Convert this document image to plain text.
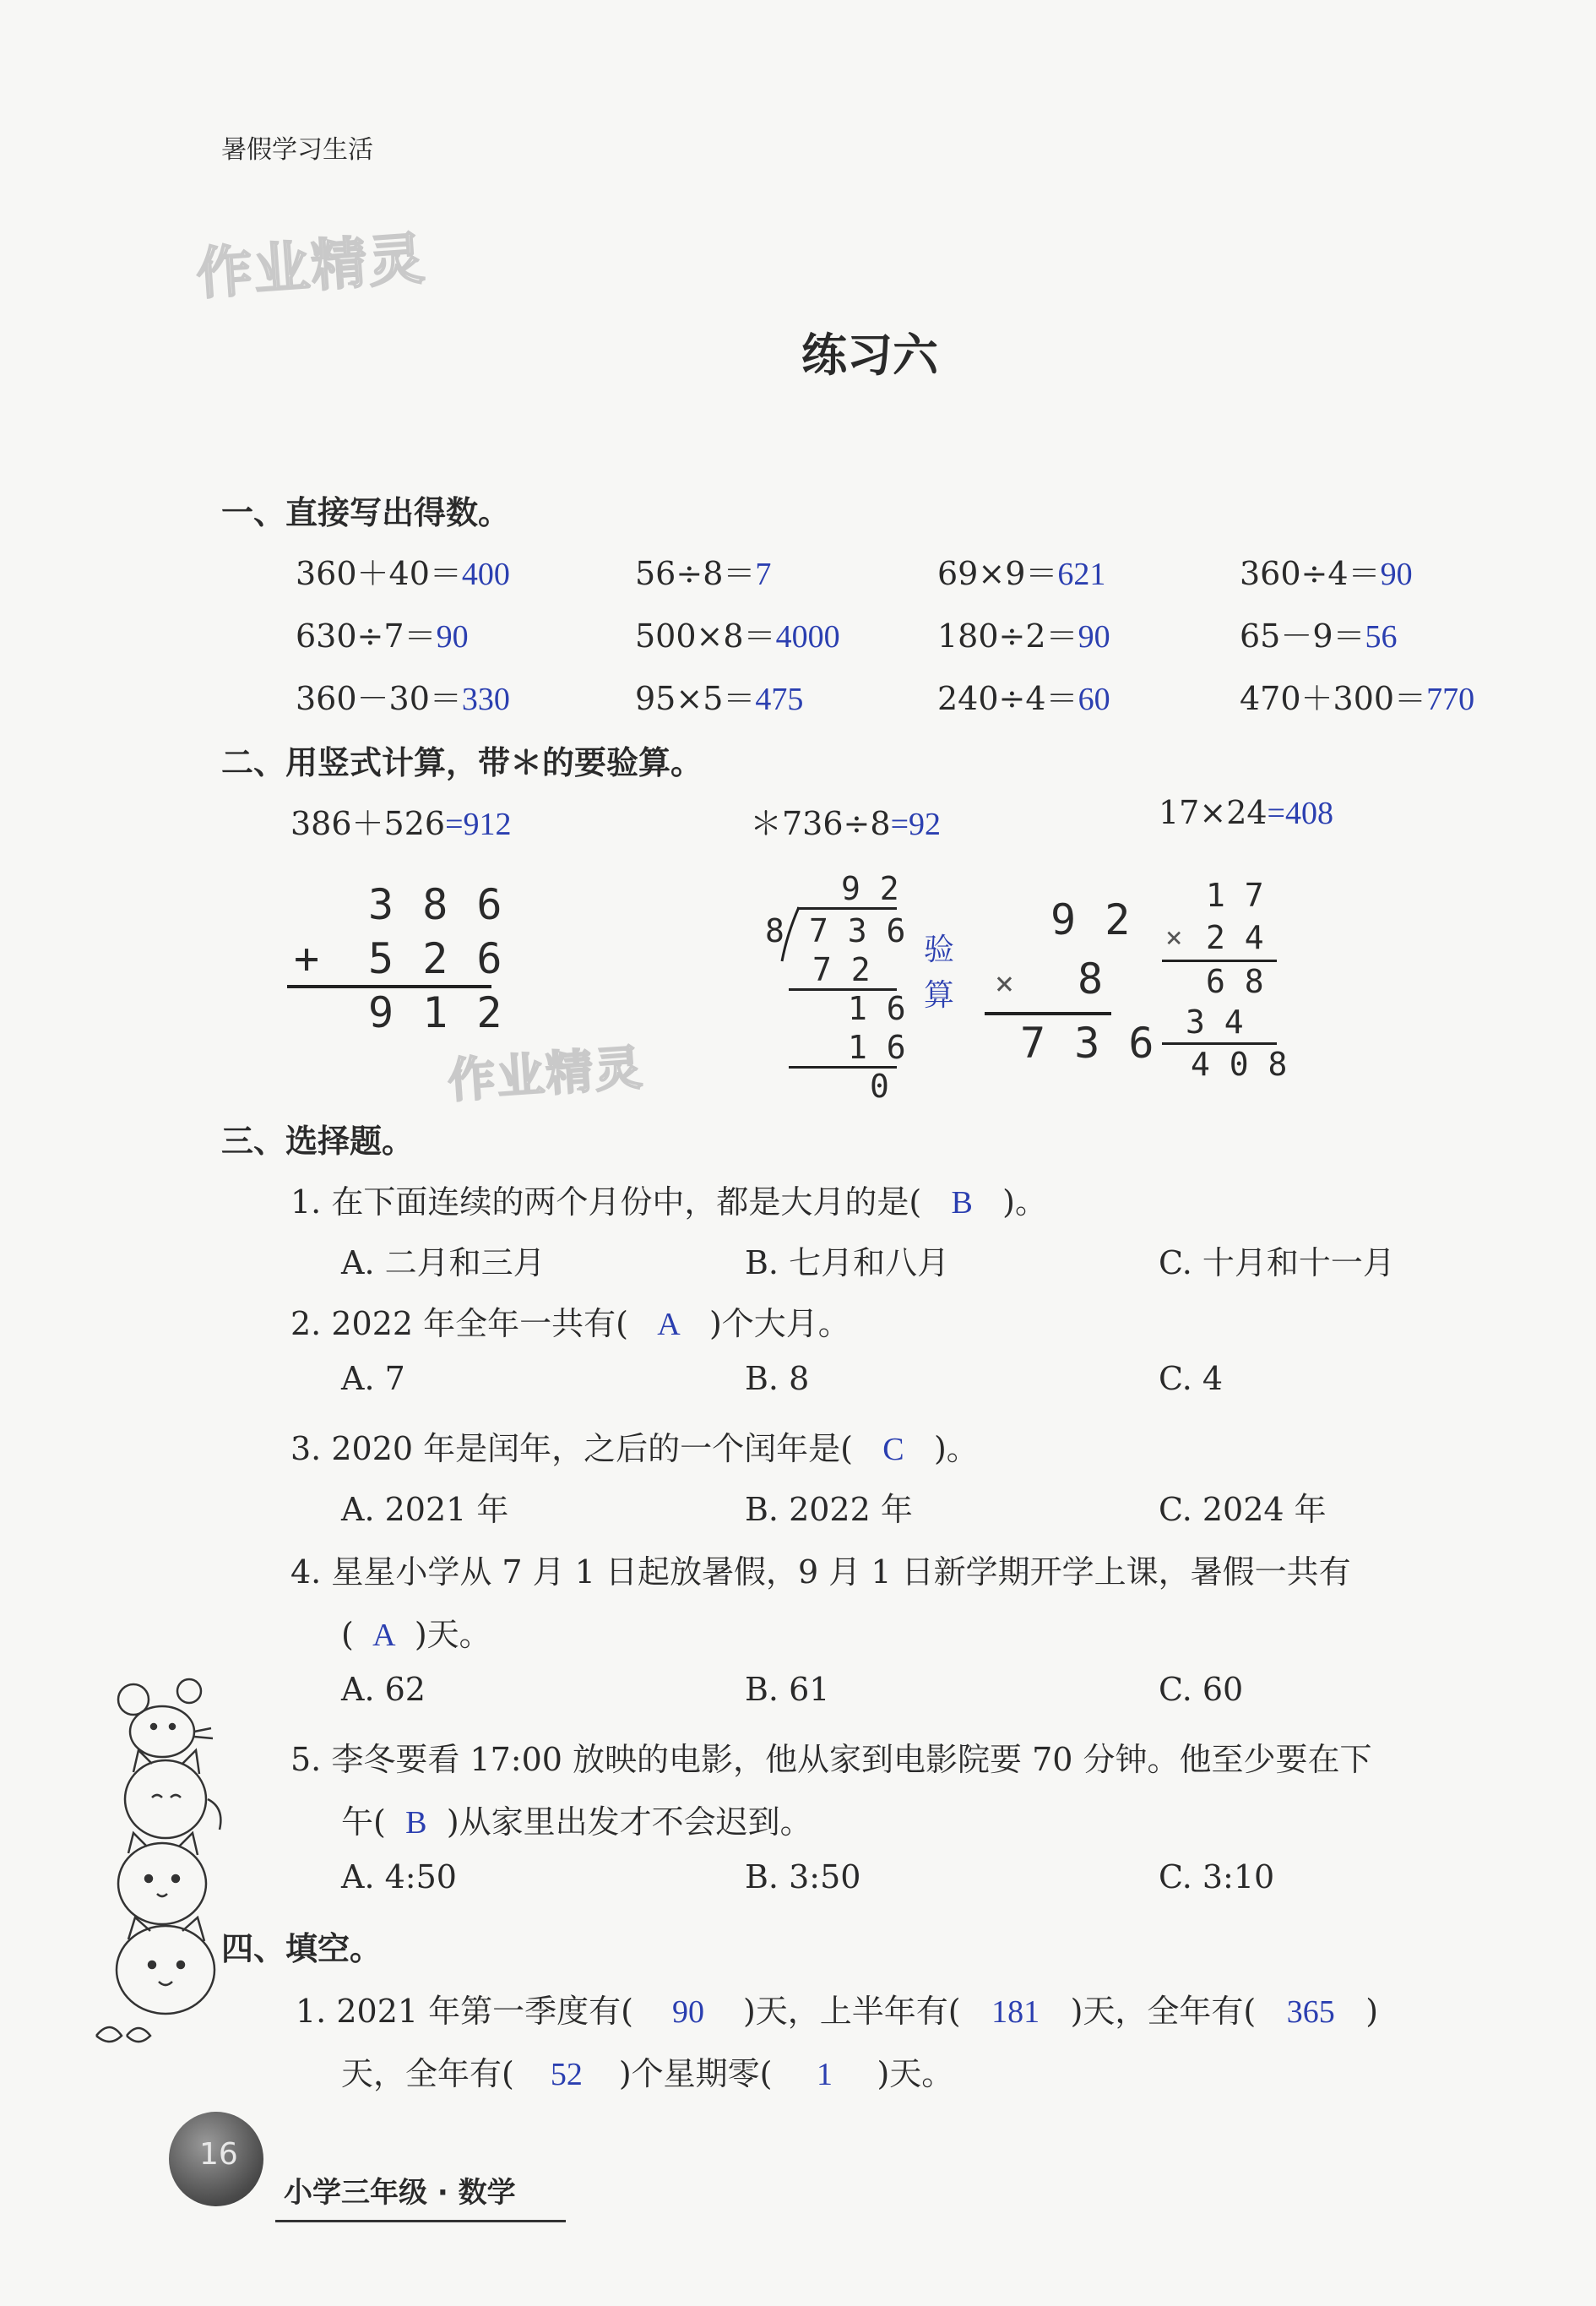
暑假学习生活
作业精灵
练习六
一、直接写出得数。
360＋40＝400	56÷8＝7	69×9＝621	360÷4＝90
630÷7＝90	500×8＝4000	180÷2＝90	65－9＝56
360－30＝330	95×5＝475	240÷4＝60	470＋300＝770
二、用竖式计算，带＊的要验算。
386＋526=912	＊736÷8=92	17×24=408
3 8 6
+ 5 2 6
9 1 2
9 2
8 7 3 6
7 2
1 6
1 6
0
验
算
9 2
× 8
7 3 6
1 7
× 2 4
6 8
3 4
4 0 8
作业精灵
三、选择题。
1. 在下面连续的两个月份中，都是大月的是( B )。
A. 二月和三月	B. 七月和八月	C. 十月和十一月
2. 2022 年全年一共有( A )个大月。
A. 7	B. 8	C. 4
3. 2020 年是闰年，之后的一个闰年是( C )。
A. 2021 年	B. 2022 年	C. 2024 年
4. 星星小学从 7 月 1 日起放暑假，9 月 1 日新学期开学上课，暑假一共有
( A )天。
A. 62	B. 61	C. 60
5. 李冬要看 17:00 放映的电影，他从家到电影院要 70 分钟。他至少要在下
午( B )从家里出发才不会迟到。
A. 4:50	B. 3:50	C. 3:10
四、填空。
1. 2021 年第一季度有( 90 )天，上半年有( 181 )天，全年有( 365 )
天，全年有( 52 )个星期零( 1 )天。
16
小学三年级 · 数学
